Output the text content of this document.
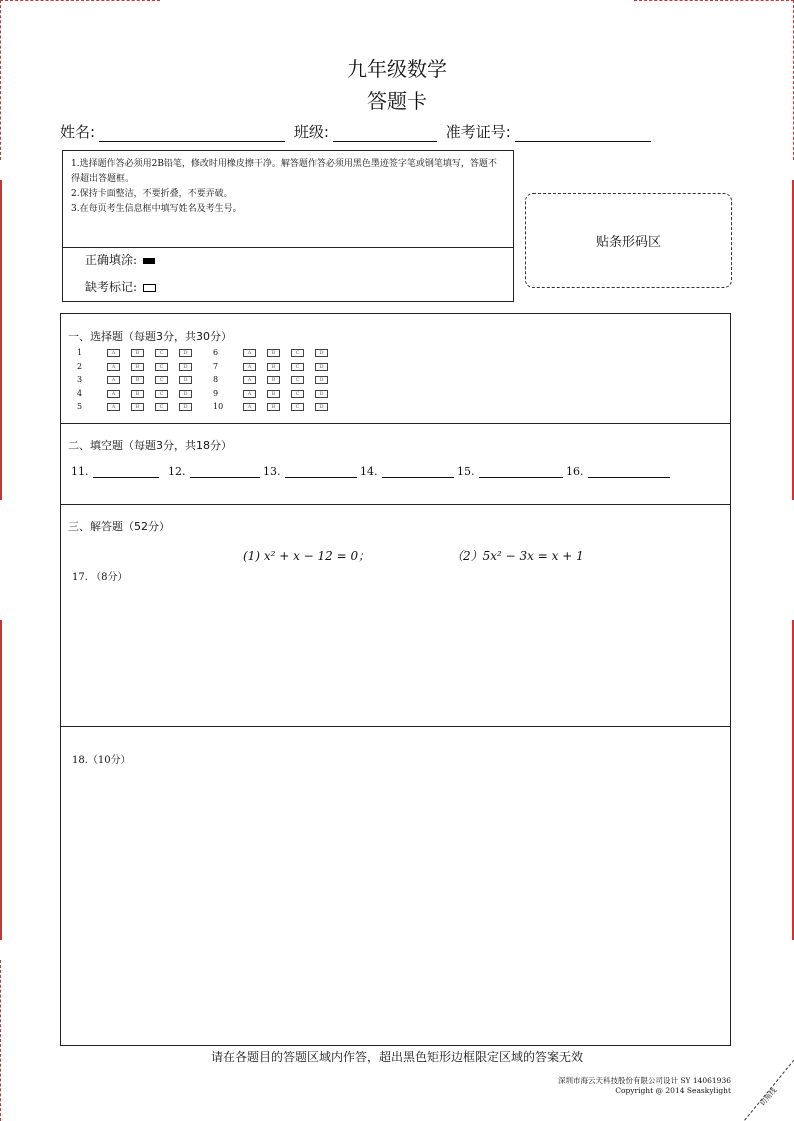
九年级数学
答题卡
姓名:	班级:	准考证号:

1.选择题作答必须用2B铅笔，修改时用橡皮擦干净。解答题作答必须用黑色墨迹签字笔或钢笔填写，答题不

得超出答题框。

2.保持卡面整洁，不要折叠，不要弄破。

3.在每页考生信息框中填写姓名及考生号。

正确填涂:
缺考标记:
贴条形码区
一、选择题（每题3分，共30分）
1	A	B	C	D
2	A	B	C	D
3	A	B	C	D
4	A	B	C	D
5	A	B	C	D
6	A	B	C	D
7	A	B	C	D
8	A	B	C	D
9	A	B	C	D
10	A	B	C	D
二、填空题（每题3分，共18分）
11.	12.	13.	14.	15.	16.
三、解答题（52分）
(1) x² + x − 12 = 0；	（2）5x² − 3x = x + 1
17. （8分）
18.（10分）
请在各题目的答题区域内作答，超出黑色矩形边框限定区域的答案无效
深圳市海云天科技股份有限公司设计 SY 14061936
Copyright @ 2014 Seaskylight	切角线
